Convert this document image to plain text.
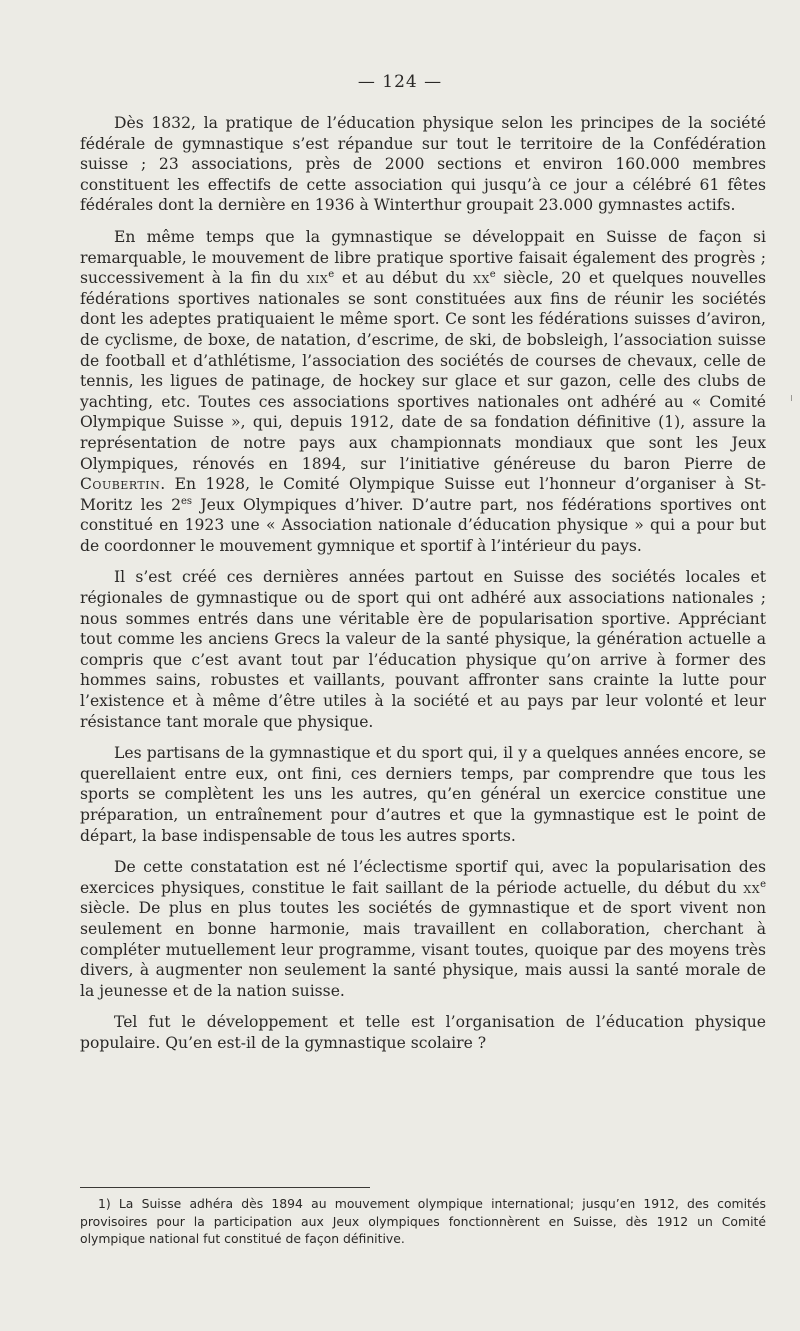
— 124 —

Dès 1832, la pratique de l’éducation physique selon les principes de la société fédérale de gymnastique s’est répandue sur tout le territoire de la Confédération suisse ; 23 associations, près de 2000 sections et environ 160.000 membres constituent les effectifs de cette association qui jusqu’à ce jour a célébré 61 fêtes fédérales dont la dernière en 1936 à Winterthur groupait 23.000 gymnastes actifs.

En même temps que la gymnastique se développait en Suisse de façon si remarquable, le mouvement de libre pratique sportive faisait également des progrès ; successivement à la fin du xix$^e$ et au début du $xx^e$ siècle, 20 et quelques nouvelles fédérations sportives nationales se sont constituées aux fins de réunir les sociétés dont les adeptes pratiquaient le même sport. Ce sont les fédérations suisses d’aviron, de cyclisme, de boxe, de natation, d’escrime, de ski, de bobsleigh, l’association suisse de football et d’athlétisme, l’association des sociétés de courses de chevaux, celle de tennis, les ligues de patinage, de hockey sur glace et sur gazon, celle des clubs de yachting, etc. Toutes ces associations sportives nationales ont adhéré au « Comité Olympique Suisse », qui, depuis 1912, date de sa fondation définitive (1), assure la représentation de notre pays aux championnats mondiaux que sont les Jeux Olympiques, rénovés en 1894, sur l’initiative généreuse du baron Pierre de Coubertin. En 1928, le Comité Olympique Suisse eut l’honneur d’organiser à St-Moritz les $2^{es}$ Jeux Olympiques d’hiver. D’autre part, nos fédérations sportives ont constitué en 1923 une « Association nationale d’éducation physique » qui a pour but de coordonner le mouvement gymnique et sportif à l’intérieur du pays.

Il s’est créé ces dernières années partout en Suisse des sociétés locales et régionales de gymnastique ou de sport qui ont adhéré aux associations nationales ; nous sommes entrés dans une véritable ère de popularisation sportive. Appréciant tout comme les anciens Grecs la valeur de la santé physique, la génération actuelle a compris que c’est avant tout par l’éducation physique qu’on arrive à former des hommes sains, robustes et vaillants, pouvant affronter sans crainte la lutte pour l’existence et à même d’être utiles à la société et au pays par leur volonté et leur résistance tant morale que physique.

Les partisans de la gymnastique et du sport qui, il y a quelques années encore, se querellaient entre eux, ont fini, ces derniers temps, par comprendre que tous les sports se complètent les uns les autres, qu’en général un exercice constitue une préparation, un entraînement pour d’autres et que la gymnastique est le point de départ, la base indispensable de tous les autres sports.

De cette constatation est né l’éclectisme sportif qui, avec la popularisation des exercices physiques, constitue le fait saillant de la période actuelle, du début du $xx^e$ siècle. De plus en plus toutes les sociétés de gymnastique et de sport vivent non seulement en bonne harmonie, mais travaillent en collaboration, cherchant à compléter mutuellement leur programme, visant toutes, quoique par des moyens très divers, à augmenter non seulement la santé physique, mais aussi la santé morale de la jeunesse et de la nation suisse.

Tel fut le développement et telle est l’organisation de l’éducation physique populaire. Qu’en est-il de la gymnastique scolaire ?

1) La Suisse adhéra dès 1894 au mouvement olympique international; jusqu’en 1912, des comités provisoires pour la participation aux Jeux olympiques fonctionnèrent en Suisse, dès 1912 un Comité olympique national fut constitué de façon définitive.
